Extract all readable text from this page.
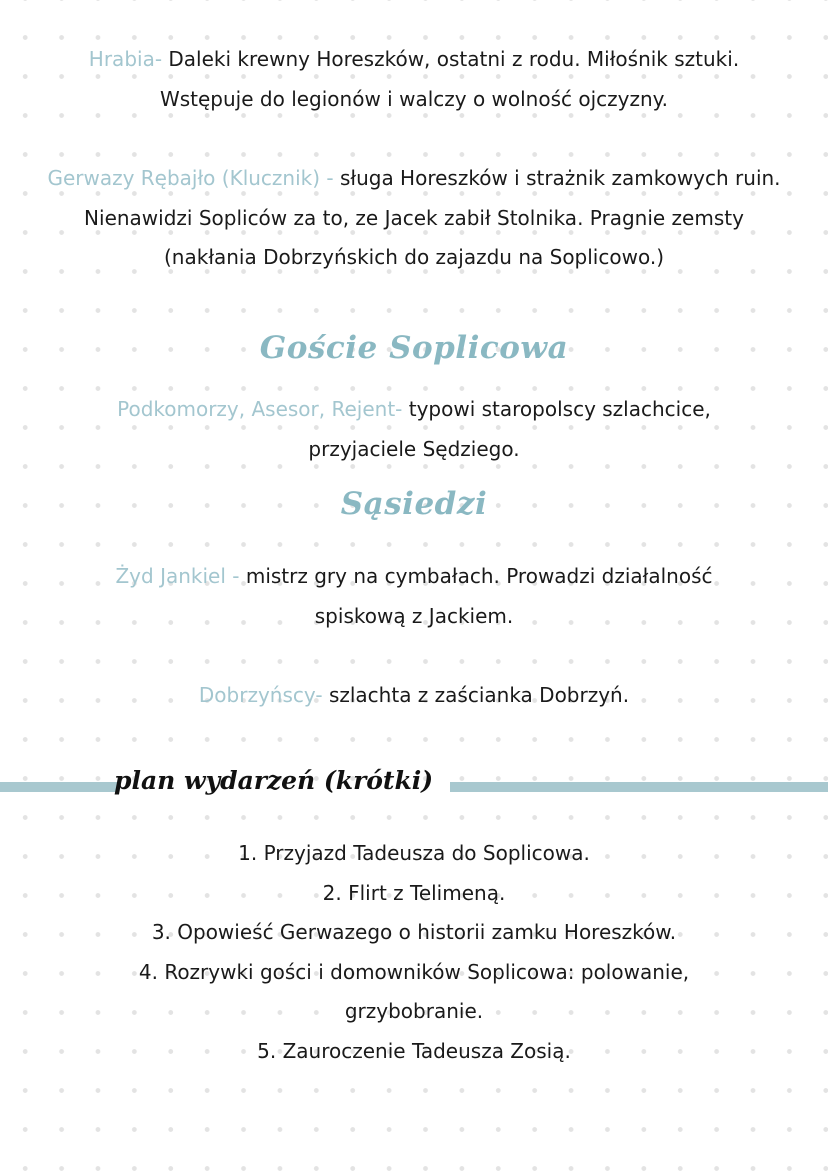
Hrabia- Daleki krewny Horeszków, ostatni z rodu. Miłośnik sztuki.
Wstępuje do legionów i walczy o wolność ojczyzny.

Gerwazy Rębajło (Klucznik) - sługa Horeszków i strażnik zamkowych ruin.
Nienawidzi Sopliców za to, ze Jacek zabił Stolnika. Pragnie zemsty
(nakłania Dobrzyńskich do zajazdu na Soplicowo.)

Goście Soplicowa

Podkomorzy, Asesor, Rejent- typowi staropolscy szlachcice,
przyjaciele Sędziego.

Sąsiedzi

Żyd Jankiel - mistrz gry na cymbałach. Prowadzi działalność
spiskową z Jackiem.

Dobrzyńscy- szlachta z zaścianka Dobrzyń.

plan wydarzeń (krótki)
1. Przyjazd Tadeusza do Soplicowa.
2. Flirt z Telimeną.
3. Opowieść Gerwazego o historii zamku Horeszków.
4. Rozrywki gości i domowników Soplicowa: polowanie,
grzybobranie.
5. Zauroczenie Tadeusza Zosią.
